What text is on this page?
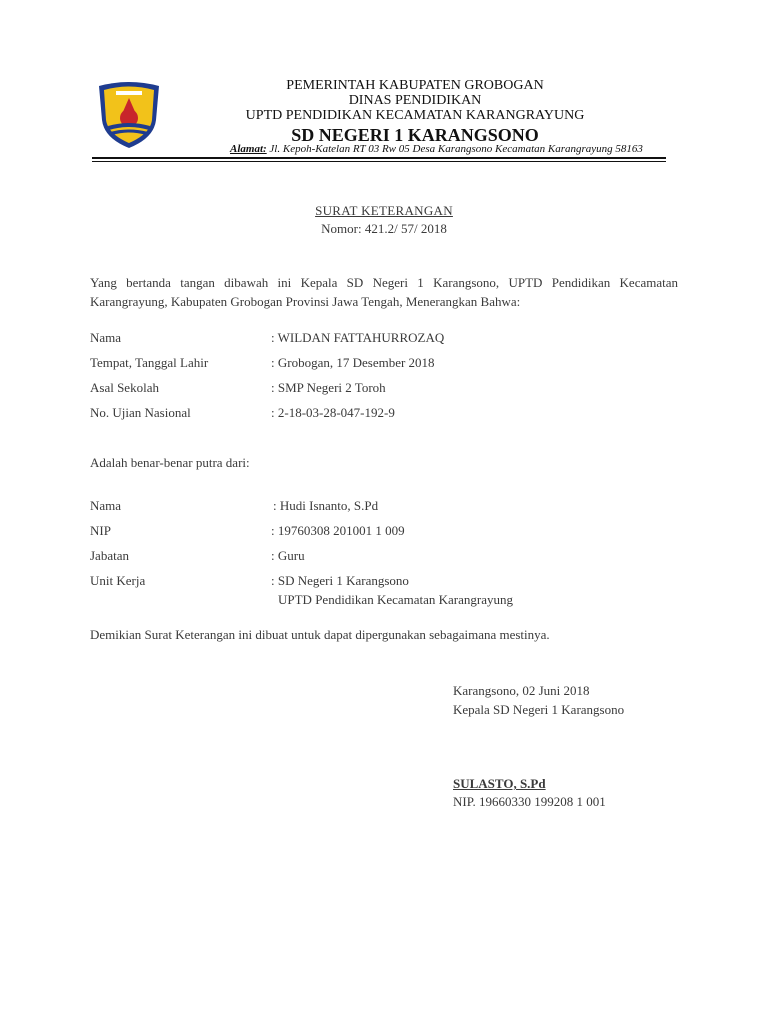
PEMERINTAH KABUPATEN GROBOGAN
DINAS PENDIDIKAN
UPTD PENDIDIKAN KECAMATAN KARANGRAYUNG
SD NEGERI 1 KARANGSONO
Alamat: Jl. Kepoh-Katelan RT 03 Rw 05 Desa Karangsono Kecamatan Karangrayung 58163
SURAT KETERANGAN
Nomor: 421.2/ 57/ 2018
Yang bertanda tangan dibawah ini Kepala SD Negeri 1 Karangsono, UPTD Pendidikan Kecamatan Karangrayung, Kabupaten Grobogan Provinsi Jawa Tengah, Menerangkan Bahwa:
Nama	: WILDAN FATTAHURROZAQ
Tempat, Tanggal Lahir	: Grobogan, 17 Desember 2018
Asal Sekolah	: SMP Negeri 2 Toroh
No. Ujian Nasional	: 2-18-03-28-047-192-9
Adalah benar-benar putra dari:
Nama	: Hudi Isnanto, S.Pd
NIP	: 19760308 201001 1 009
Jabatan	: Guru
Unit Kerja	: SD Negeri 1 Karangsono
UPTD Pendidikan Kecamatan Karangrayung
Demikian Surat Keterangan ini dibuat untuk dapat dipergunakan sebagaimana mestinya.
Karangsono, 02 Juni 2018
Kepala SD Negeri 1 Karangsono
SULASTO, S.Pd
NIP. 19660330 199208 1 001
